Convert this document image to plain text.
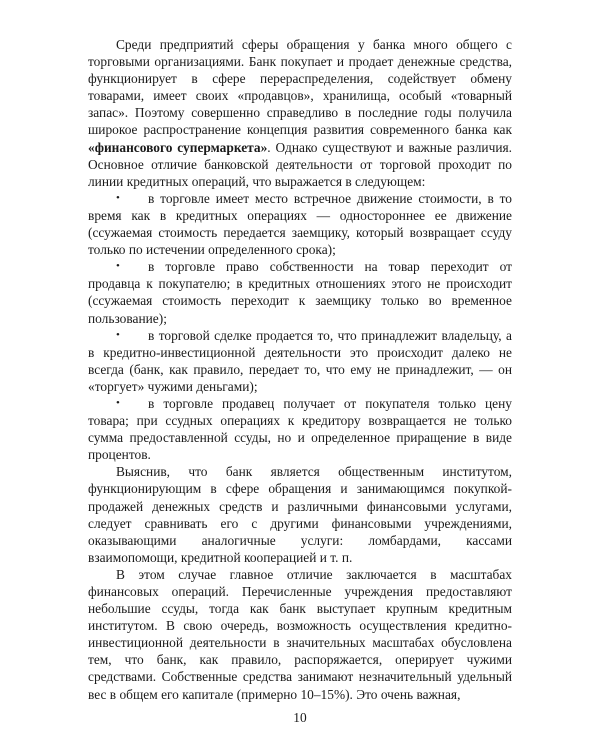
Среди предприятий сферы обращения у банка много общего с торговыми организациями. Банк покупает и продает денежные средства, функционирует в сфере перераспределения, содействует обмену товарами, имеет своих «продавцов», хранилища, особый «товарный запас». Поэтому совершенно справедливо в последние годы получила широкое распространение концепция развития современного банка как «финансового супермаркета». Однако существуют и важные различия. Основное отличие банковской деятельности от торговой проходит по линии кредитных операций, что выражается в следующем:

• в торговле имеет место встречное движение стоимости, в то время как в кредитных операциях — одностороннее ее движение (ссужаемая стоимость передается заемщику, который возвращает ссуду только по истечении определенного срока);

• в торговле право собственности на товар переходит от продавца к покупателю; в кредитных отношениях этого не происходит (ссужаемая стоимость переходит к заемщику только во временное пользование);

• в торговой сделке продается то, что принадлежит владельцу, а в кредитно-инвестиционной деятельности это происходит далеко не всегда (банк, как правило, передает то, что ему не принадлежит, — он «торгует» чужими деньгами);

• в торговле продавец получает от покупателя только цену товара; при ссудных операциях к кредитору возвращается не только сумма предоставленной ссуды, но и определенное приращение в виде процентов.

Выяснив, что банк является общественным институтом, функционирующим в сфере обращения и занимающимся покупкой-продажей денежных средств и различными финансовыми услугами, следует сравнивать его с другими финансовыми учреждениями, оказывающими аналогичные услуги: ломбардами, кассами взаимопомощи, кредитной кооперацией и т. п.

В этом случае главное отличие заключается в масштабах финансовых операций. Перечисленные учреждения предоставляют небольшие ссуды, тогда как банк выступает крупным кредитным институтом. В свою очередь, возможность осуществления кредитно-инвестиционной деятельности в значительных масштабах обусловлена тем, что банк, как правило, распоряжается, оперирует чужими средствами. Собственные средства занимают незначительный удельный вес в общем его капитале (примерно 10–15%). Это очень важная,

10
